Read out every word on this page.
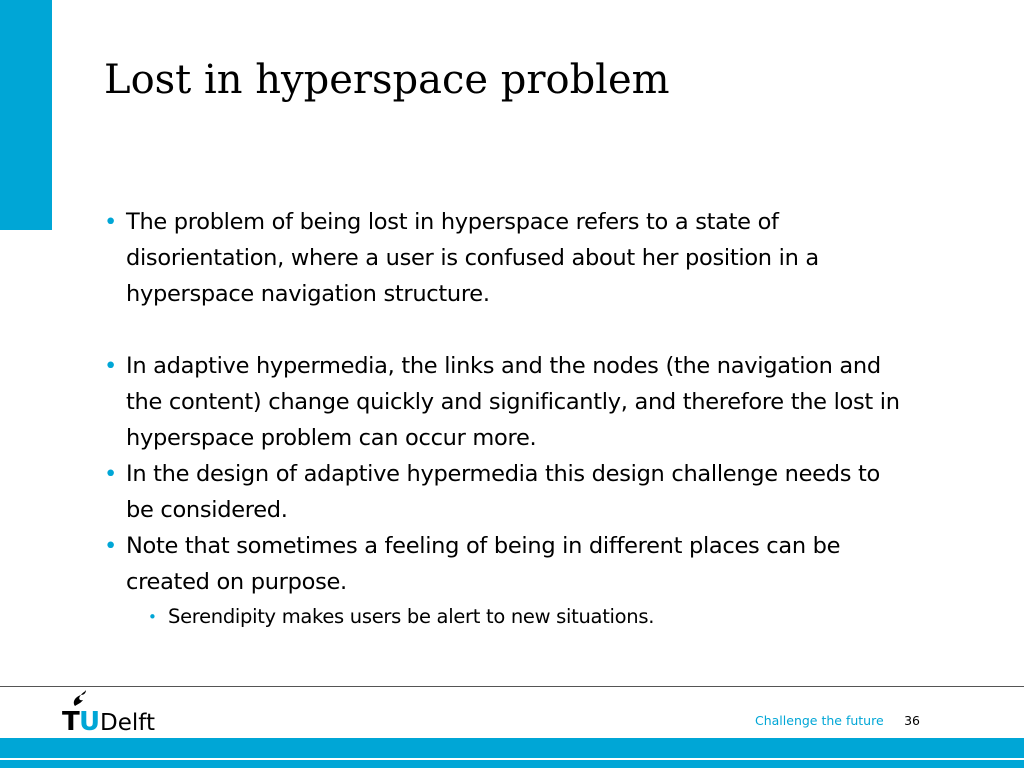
Lost in hyperspace problem
• The problem of being lost in hyperspace refers to a state of disorientation, where a user is confused about her position in a hyperspace navigation structure.
• In adaptive hypermedia, the links and the nodes (the navigation and the content) change quickly and significantly, and therefore the lost in hyperspace problem can occur more.
• In the design of adaptive hypermedia this design challenge needs to be considered.
• Note that sometimes a feeling of being in different places can be created on purpose.
• Serendipity makes users be alert to new situations.
T U Delft	Challenge the future	36
